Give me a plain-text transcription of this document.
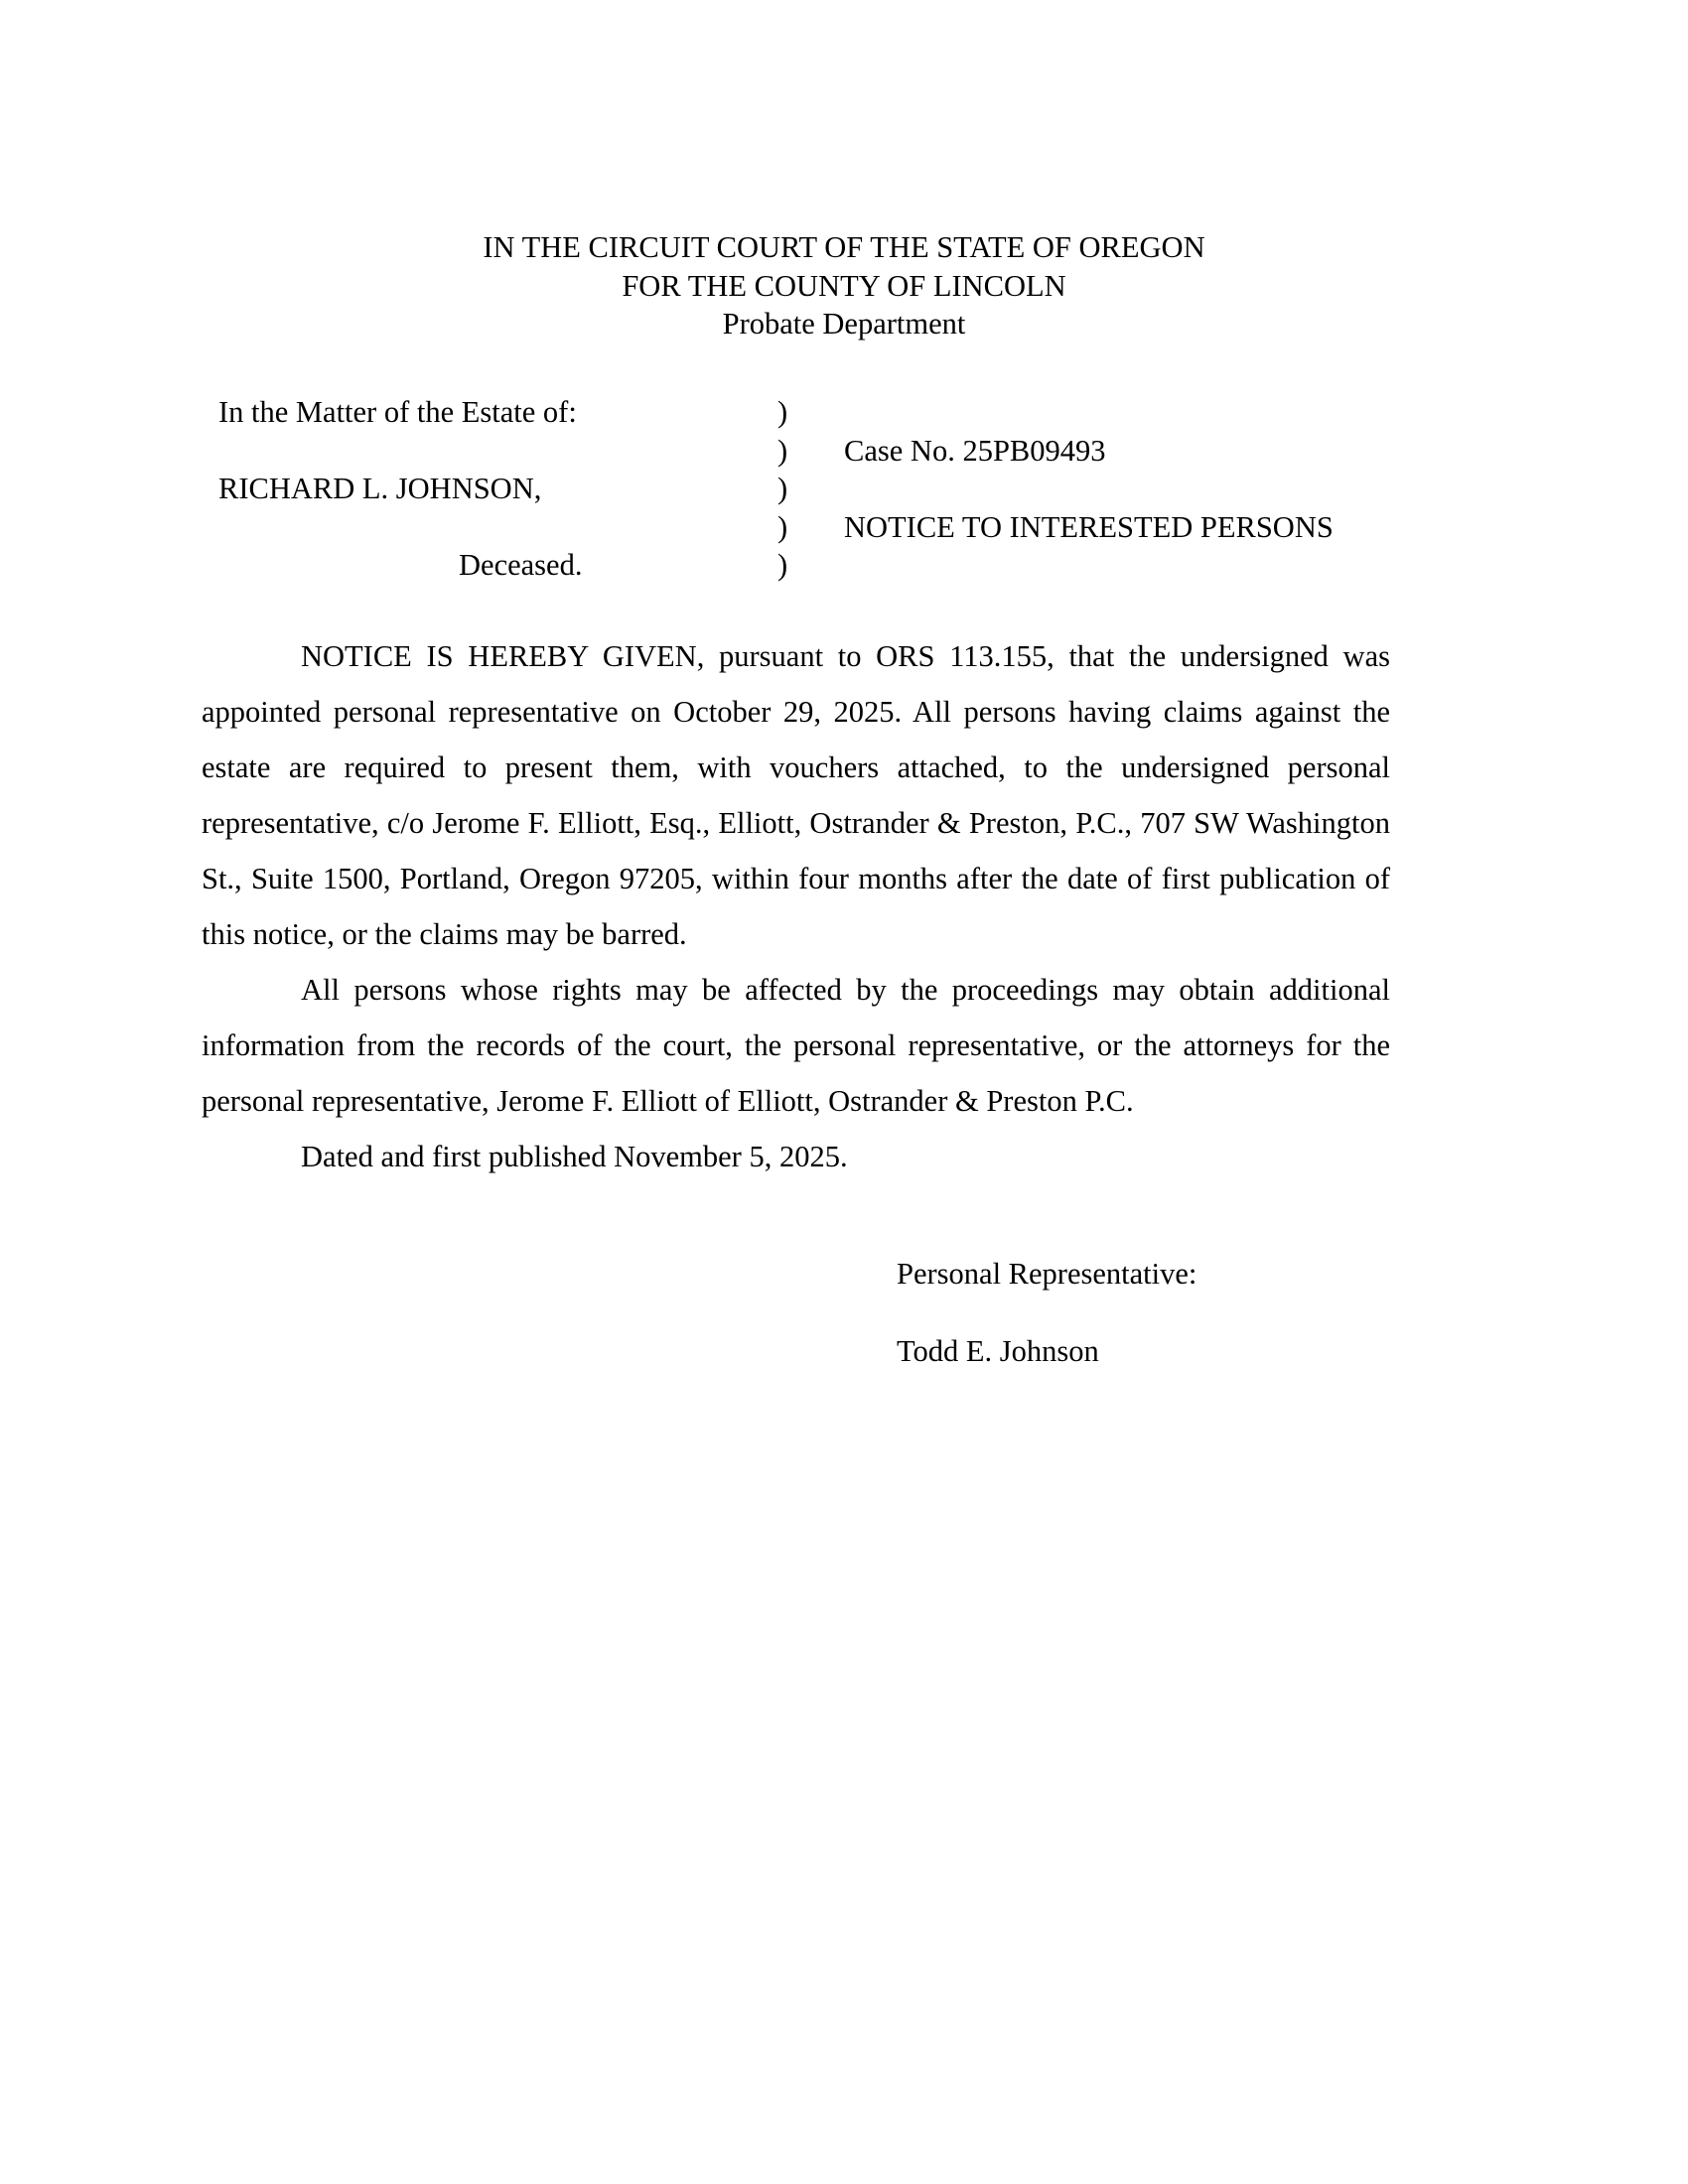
IN THE CIRCUIT COURT OF THE STATE OF OREGON
FOR THE COUNTY OF LINCOLN
Probate Department
In the Matter of the Estate of:	)
)	Case No. 25PB09493
RICHARD L. JOHNSON,	)
)	NOTICE TO INTERESTED PERSONS
Deceased.	)

NOTICE IS HEREBY GIVEN, pursuant to ORS 113.155, that the undersigned was appointed personal representative on October 29, 2025. All persons having claims against the estate are required to present them, with vouchers attached, to the undersigned personal representative, c/o Jerome F. Elliott, Esq., Elliott, Ostrander & Preston, P.C., 707 SW Washington St., Suite 1500, Portland, Oregon 97205, within four months after the date of first publication of this notice, or the claims may be barred.

All persons whose rights may be affected by the proceedings may obtain additional information from the records of the court, the personal representative, or the attorneys for the personal representative, Jerome F. Elliott of Elliott, Ostrander & Preston P.C.

Dated and first published November 5, 2025.

Personal Representative:
Todd E. Johnson
